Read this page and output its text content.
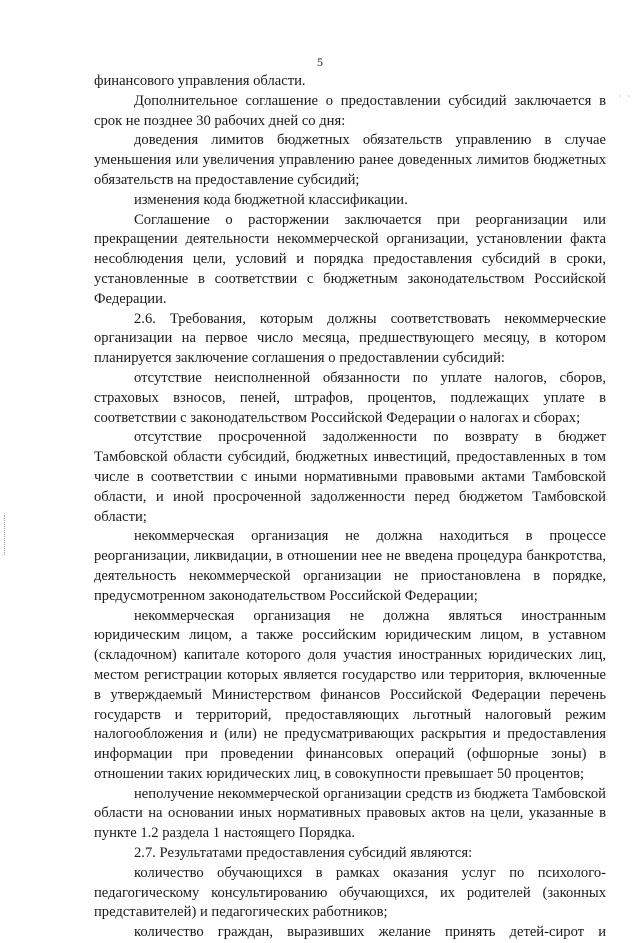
5
· ·

финансового управления области.

Дополнительное соглашение о предоставлении субсидий заключается в срок не позднее 30 рабочих дней со дня:

доведения лимитов бюджетных обязательств управлению в случае уменьшения или увеличения управлению ранее доведенных лимитов бюджетных обязательств на предоставление субсидий;

изменения кода бюджетной классификации.

Соглашение о расторжении заключается при реорганизации или прекращении деятельности некоммерческой организации, установлении факта несоблюдения цели, условий и порядка предоставления субсидий в сроки, установленные в соответствии с бюджетным законодательством Российской Федерации.

2.6. Требования, которым должны соответствовать некоммерческие организации на первое число месяца, предшествующего месяцу, в котором планируется заключение соглашения о предоставлении субсидий:

отсутствие неисполненной обязанности по уплате налогов, сборов, страховых взносов, пеней, штрафов, процентов, подлежащих уплате в соответствии с законодательством Российской Федерации о налогах и сборах;

отсутствие просроченной задолженности по возврату в бюджет Тамбовской области субсидий, бюджетных инвестиций, предоставленных в том числе в соответствии с иными нормативными правовыми актами Тамбовской области, и иной просроченной задолженности перед бюджетом Тамбовской области;

некоммерческая организация не должна находиться в процессе реорганизации, ликвидации, в отношении нее не введена процедура банкротства, деятельность некоммерческой организации не приостановлена в порядке, предусмотренном законодательством Российской Федерации;

некоммерческая организация не должна являться иностранным юридическим лицом, а также российским юридическим лицом, в уставном (складочном) капитале которого доля участия иностранных юридических лиц, местом регистрации которых является государство или территория, включенные в утверждаемый Министерством финансов Российской Федерации перечень государств и территорий, предоставляющих льготный налоговый режим налогообложения и (или) не предусматривающих раскрытия и предоставления информации при проведении финансовых операций (офшорные зоны) в отношении таких юридических лиц, в совокупности превышает 50 процентов;

неполучение некоммерческой организации средств из бюджета Тамбовской области на основании иных нормативных правовых актов на цели, указанные в пункте 1.2 раздела 1 настоящего Порядка.

2.7. Результатами предоставления субсидий являются:

количество обучающихся в рамках оказания услуг по психолого-педагогическому консультированию обучающихся, их родителей (законных представителей) и педагогических работников;

количество граждан, выразивших желание принять детей-сирот и
